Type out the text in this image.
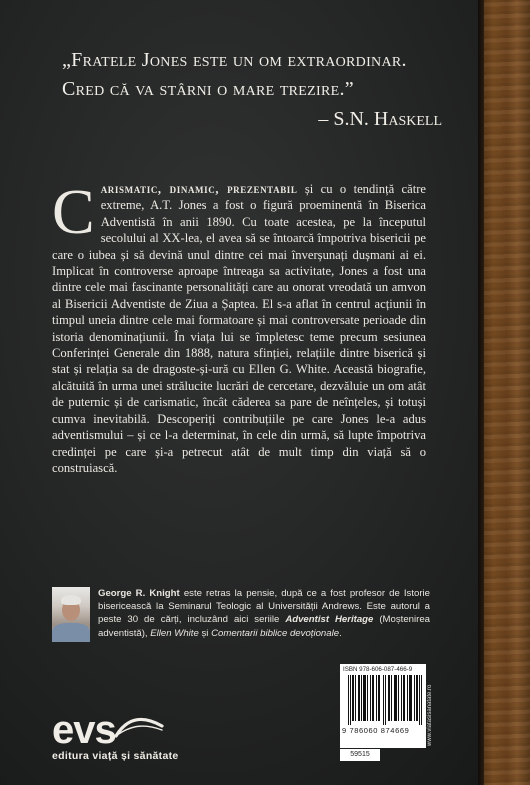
„Fratele Jones este un om extraordinar.
Cred că va stârni o mare trezire.”
– S.N. Haskell
Carismatic, dinamic, prezentabil și cu o tendință către extreme, A.T. Jones a fost o figură proeminentă în Biserica Adventistă în anii 1890. Cu toate acestea, pe la începutul secolului al XX-lea, el avea să se întoarcă împotriva bisericii pe care o iubea și să devină unul dintre cei mai înverșunați dușmani ai ei. Implicat în controverse aproape întreaga sa activitate, Jones a fost una dintre cele mai fascinante personalități care au onorat vreodată un amvon al Bisericii Adventiste de Ziua a Șaptea. El s-a aflat în centrul acțiunii în timpul uneia dintre cele mai formatoare și mai controversate perioade din istoria denominațiunii. În viața lui se împletesc teme precum sesiunea Conferinței Generale din 1888, natura sfinției, relațiile dintre biserică și stat și relația sa de dragoste-și-ură cu Ellen G. White. Această biografie, alcătuită în urma unei strălucite lucrări de cercetare, dezvăluie un om atât de puternic și de carismatic, încât căderea sa pare de neînțeles, și totuși cumva inevitabilă. Descoperiți contribuțiile pe care Jones le-a adus adventismului – și ce l-a determinat, în cele din urmă, să lupte împotriva credinței pe care și-a petrecut atât de mult timp din viață să o construiască.
George R. Knight este retras la pensie, după ce a fost profesor de Istorie bisericească la Seminarul Teologic al Universității Andrews. Este autorul a peste 30 de cărți, incluzând aici seriile Adventist Heritage (Moștenirea adventistă), Ellen White și Comentarii biblice devoționale.
evs
editura viață și sănătate
ISBN 978-606-087-466-9
9 786060 874669	www.viatasisanatate.ro
59515
